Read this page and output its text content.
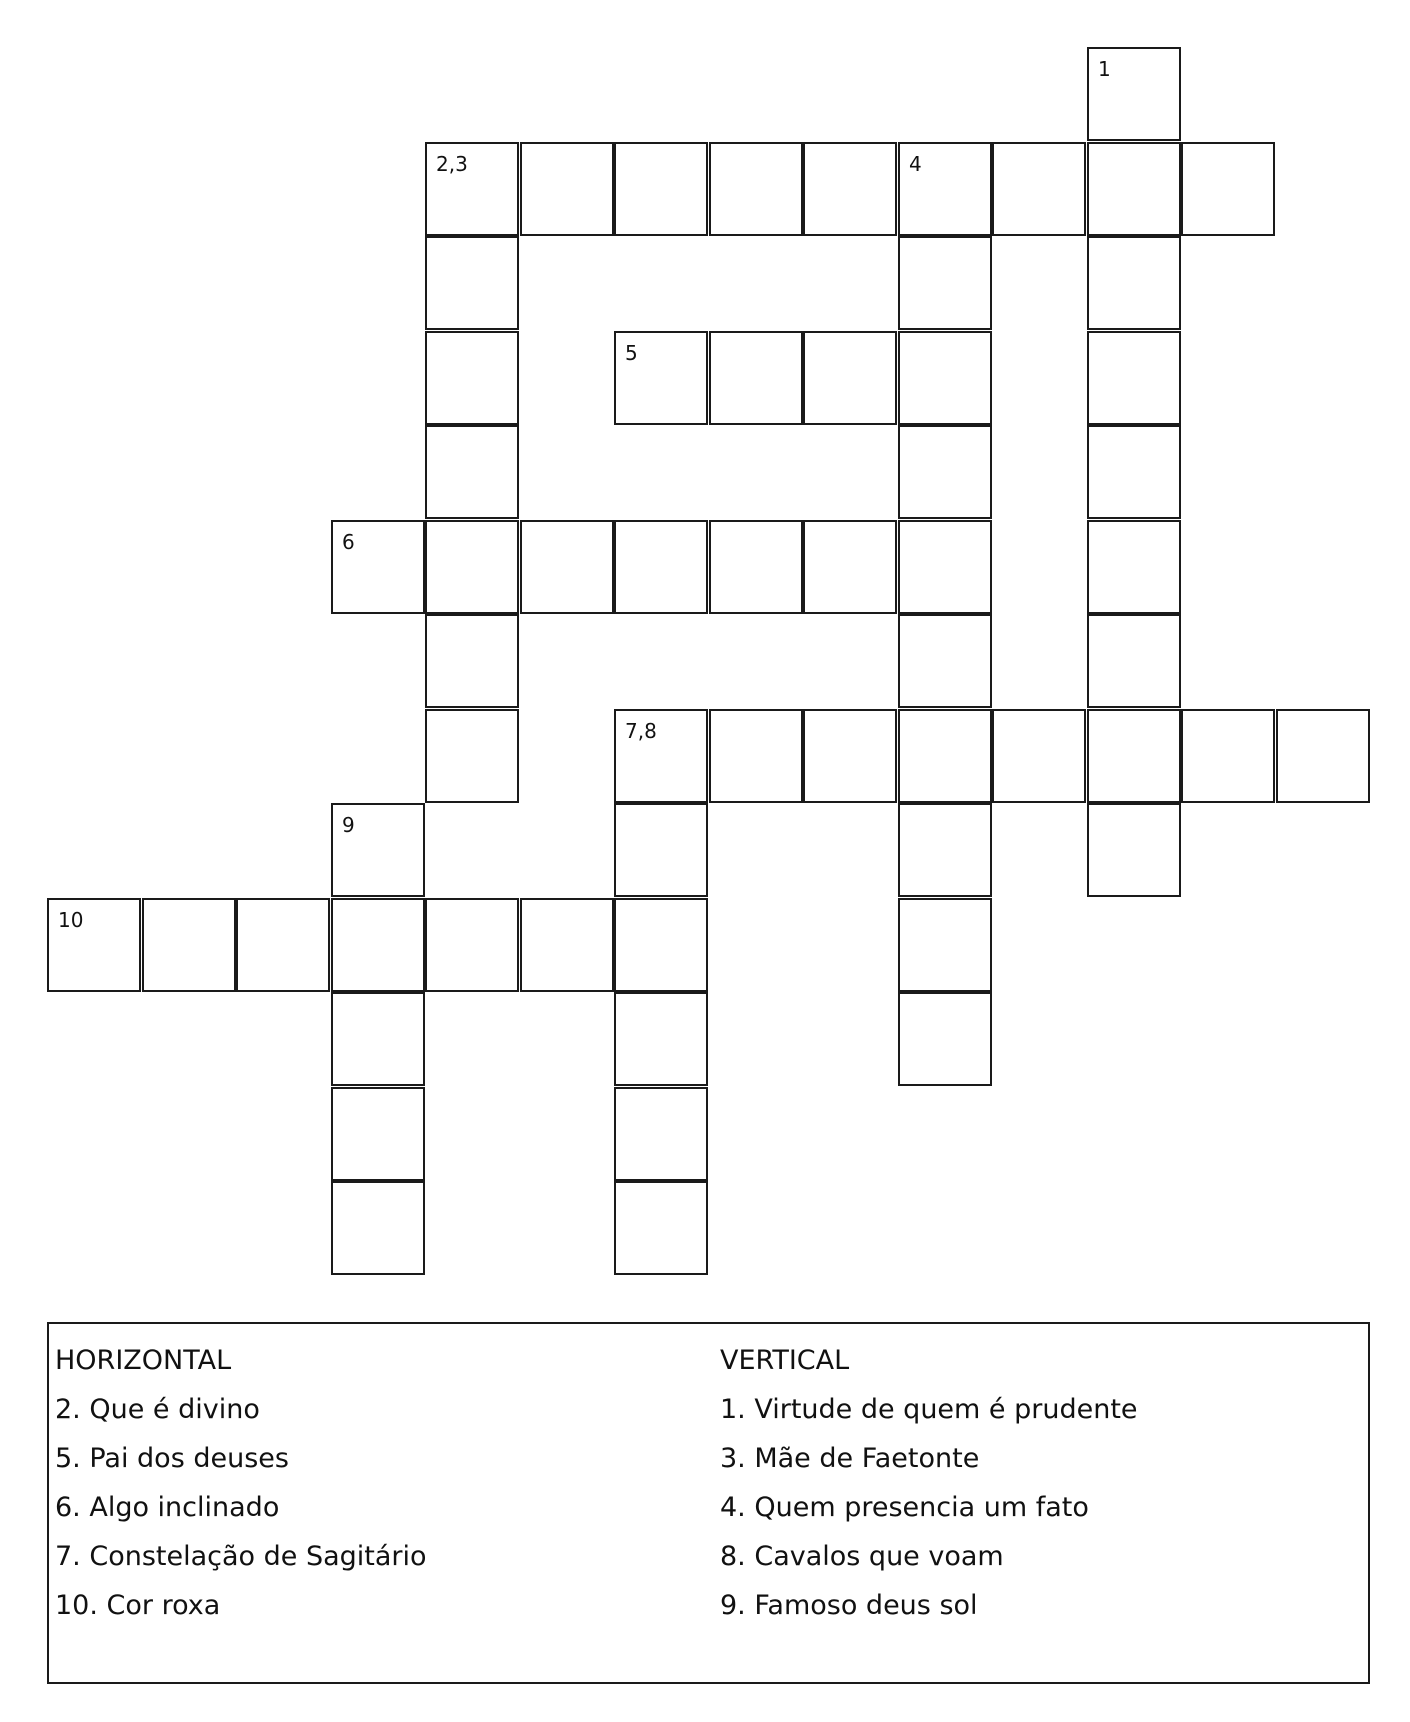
1
2,3	4
5
6
7,8
9
10
HORIZONTAL
2. Que é divino
5. Pai dos deuses
6. Algo inclinado
7. Constelação de Sagitário
10. Cor roxa
VERTICAL
1. Virtude de quem é prudente
3. Mãe de Faetonte
4. Quem presencia um fato
8. Cavalos que voam
9. Famoso deus sol
